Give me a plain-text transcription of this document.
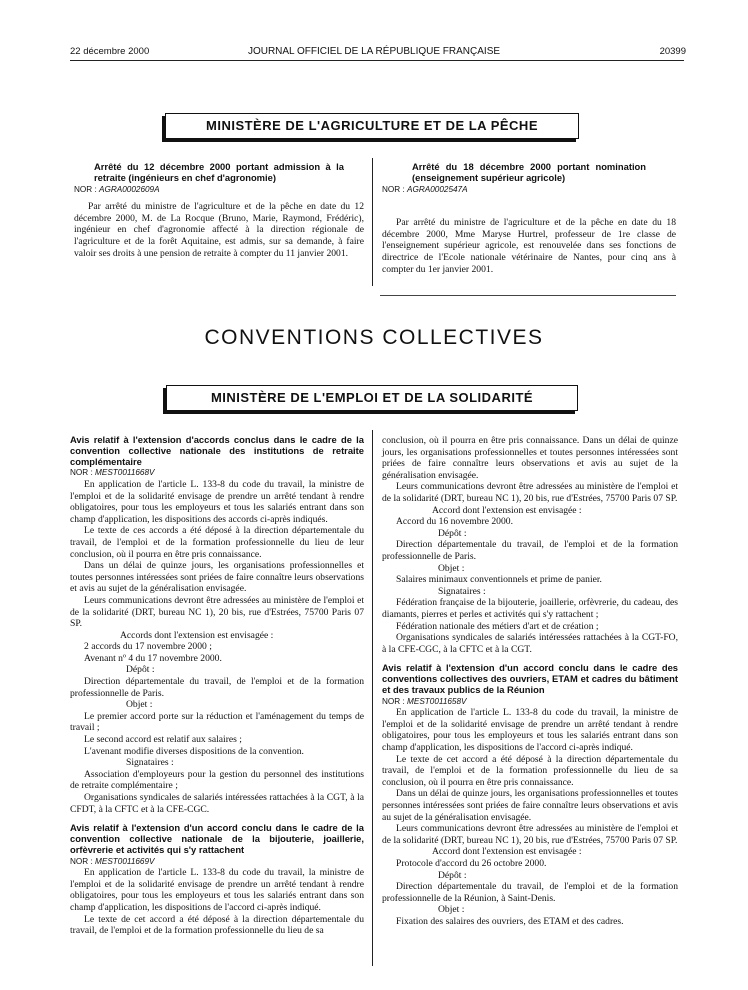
22 décembre 2000	JOURNAL OFFICIEL DE LA RÉPUBLIQUE FRANÇAISE	20399
MINISTÈRE DE L'AGRICULTURE ET DE LA PÊCHE

Arrêté du 12 décembre 2000 portant admission à la retraite (ingénieurs en chef d'agronomie)

NOR : AGRA0002609A

Par arrêté du ministre de l'agriculture et de la pêche en date du 12 décembre 2000, M. de La Rocque (Bruno, Marie, Raymond, Frédéric), ingénieur en chef d'agronomie affecté à la direction régionale de l'agriculture et de la forêt Aquitaine, est admis, sur sa demande, à faire valoir ses droits à une pension de retraite à compter du 11 janvier 2001.

Arrêté du 18 décembre 2000 portant nomination (enseignement supérieur agricole)

NOR : AGRA0002547A

Par arrêté du ministre de l'agriculture et de la pêche en date du 18 décembre 2000, Mme Maryse Hurtrel, professeur de 1re classe de l'enseignement supérieur agricole, est renouvelée dans ses fonctions de directrice de l'Ecole nationale vétérinaire de Nantes, pour cinq ans à compter du 1er janvier 2001.

CONVENTIONS COLLECTIVES
MINISTÈRE DE L'EMPLOI ET DE LA SOLIDARITÉ

Avis relatif à l'extension d'accords conclus dans le cadre de la convention collective nationale des institutions de retraite complémentaire

NOR : MEST0011668V

En application de l'article L. 133-8 du code du travail, la ministre de l'emploi et de la solidarité envisage de prendre un arrêté tendant à rendre obligatoires, pour tous les employeurs et tous les salariés entrant dans son champ d'application, les dispositions des accords ci-après indiqués.

Le texte de ces accords a été déposé à la direction départementale du travail, de l'emploi et de la formation professionnelle du lieu de leur conclusion, où il pourra en être pris connaissance.

Dans un délai de quinze jours, les organisations professionnelles et toutes personnes intéressées sont priées de faire connaître leurs observations et avis au sujet de la généralisation envisagée.

Leurs communications devront être adressées au ministère de l'emploi et de la solidarité (DRT, bureau NC 1), 20 bis, rue d'Estrées, 75700 Paris 07 SP.

Accords dont l'extension est envisagée :

2 accords du 17 novembre 2000 ;

Avenant nº 4 du 17 novembre 2000.

Dépôt :

Direction départementale du travail, de l'emploi et de la formation professionnelle de Paris.

Objet :

Le premier accord porte sur la réduction et l'aménagement du temps de travail ;

Le second accord est relatif aux salaires ;

L'avenant modifie diverses dispositions de la convention.

Signataires :

Association d'employeurs pour la gestion du personnel des institutions de retraite complémentaire ;

Organisations syndicales de salariés intéressées rattachées à la CGT, à la CFDT, à la CFTC et à la CFE-CGC.

Avis relatif à l'extension d'un accord conclu dans le cadre de la convention collective nationale de la bijouterie, joaillerie, orfèvrerie et activités qui s'y rattachent

NOR : MEST0011669V

En application de l'article L. 133-8 du code du travail, la ministre de l'emploi et de la solidarité envisage de prendre un arrêté tendant à rendre obligatoires, pour tous les employeurs et tous les salariés entrant dans son champ d'application, les dispositions de l'accord ci-après indiqué.

Le texte de cet accord a été déposé à la direction départementale du travail, de l'emploi et de la formation professionnelle du lieu de sa

conclusion, où il pourra en être pris connaissance. Dans un délai de quinze jours, les organisations professionnelles et toutes personnes intéressées sont priées de faire connaître leurs observations et avis au sujet de la généralisation envisagée.

Leurs communications devront être adressées au ministère de l'emploi et de la solidarité (DRT, bureau NC 1), 20 bis, rue d'Estrées, 75700 Paris 07 SP.

Accord dont l'extension est envisagée :

Accord du 16 novembre 2000.

Dépôt :

Direction départementale du travail, de l'emploi et de la formation professionnelle de Paris.

Objet :

Salaires minimaux conventionnels et prime de panier.

Signataires :

Fédération française de la bijouterie, joaillerie, orfèvrerie, du cadeau, des diamants, pierres et perles et activités qui s'y rattachent ;

Fédération nationale des métiers d'art et de création ;

Organisations syndicales de salariés intéressées rattachées à la CGT-FO, à la CFE-CGC, à la CFTC et à la CGT.

Avis relatif à l'extension d'un accord conclu dans le cadre des conventions collectives des ouvriers, ETAM et cadres du bâtiment et des travaux publics de la Réunion

NOR : MEST0011658V

En application de l'article L. 133-8 du code du travail, la ministre de l'emploi et de la solidarité envisage de prendre un arrêté tendant à rendre obligatoires, pour tous les employeurs et tous les salariés entrant dans son champ d'application, les dispositions de l'accord ci-après indiqué.

Le texte de cet accord a été déposé à la direction départementale du travail, de l'emploi et de la formation professionnelle du lieu de sa conclusion, où il pourra en être pris connaissance.

Dans un délai de quinze jours, les organisations professionnelles et toutes personnes intéressées sont priées de faire connaître leurs observations et avis au sujet de la généralisation envisagée.

Leurs communications devront être adressées au ministère de l'emploi et de la solidarité (DRT, bureau NC 1), 20 bis, rue d'Estrées, 75700 Paris 07 SP.

Accord dont l'extension est envisagée :

Protocole d'accord du 26 octobre 2000.

Dépôt :

Direction départementale du travail, de l'emploi et de la formation professionnelle de la Réunion, à Saint-Denis.

Objet :

Fixation des salaires des ouvriers, des ETAM et des cadres.
